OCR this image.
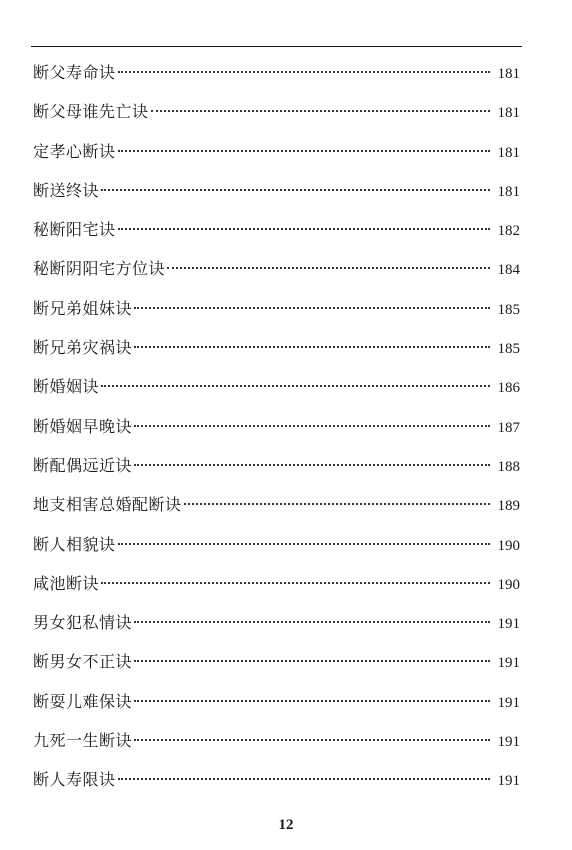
断父寿命诀	181
断父母谁先亡诀	181
定孝心断诀	181
断送终诀	181
秘断阳宅诀	182
秘断阴阳宅方位诀	184
断兄弟姐妹诀	185
断兄弟灾祸诀	185
断婚姻诀	186
断婚姻早晚诀	187
断配偶远近诀	188
地支相害总婚配断诀	189
断人相貌诀	190
咸池断诀	190
男女犯私情诀	191
断男女不正诀	191
断耍儿难保诀	191
九死一生断诀	191
断人寿限诀	191
12
